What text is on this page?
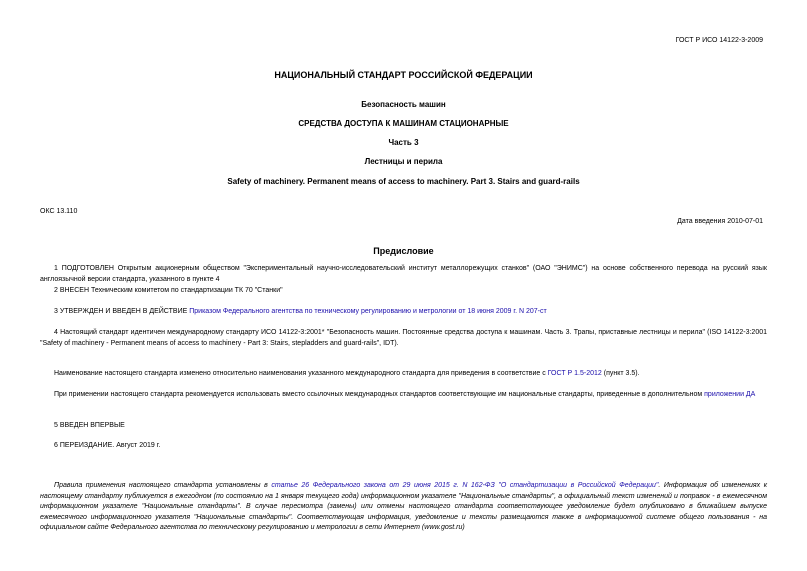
ГОСТ Р ИСО 14122-3-2009
НАЦИОНАЛЬНЫЙ СТАНДАРТ РОССИЙСКОЙ ФЕДЕРАЦИИ
Безопасность машин
СРЕДСТВА ДОСТУПА К МАШИНАМ СТАЦИОНАРНЫЕ
Часть 3
Лестницы и перила
Safety of machinery. Permanent means of access to machinery. Part 3. Stairs and guard-rails
ОКС 13.110
Дата введения 2010-07-01
Предисловие

1 ПОДГОТОВЛЕН Открытым акционерным обществом "Экспериментальный научно-исследовательский институт металлорежущих станков" (ОАО "ЭНИМС") на основе собственного перевода на русский язык англоязычной версии стандарта, указанного в пункте 4

2 ВНЕСЕН Техническим комитетом по стандартизации ТК 70 "Станки"

3 УТВЕРЖДЕН И ВВЕДЕН В ДЕЙСТВИЕ Приказом Федерального агентства по техническому регулированию и метрологии от 18 июня 2009 г. N 207-ст

4 Настоящий стандарт идентичен международному стандарту ИСО 14122-3:2001* "Безопасность машин. Постоянные средства доступа к машинам. Часть 3. Трапы, приставные лестницы и перила" (ISO 14122-3:2001 "Safety of machinery - Permanent means of access to machinery - Part 3: Stairs, stepladders and guard-rails", IDT).

Наименование настоящего стандарта изменено относительно наименования указанного международного стандарта для приведения в соответствие с ГОСТ Р 1.5-2012 (пункт 3.5).

При применении настоящего стандарта рекомендуется использовать вместо ссылочных международных стандартов соответствующие им национальные стандарты, приведенные в дополнительном приложении ДА

5 ВВЕДЕН ВПЕРВЫЕ

6 ПЕРЕИЗДАНИЕ. Август 2019 г.

Правила применения настоящего стандарта установлены в статье 26 Федерального закона от 29 июня 2015 г. N 162-ФЗ "О стандартизации в Российской Федерации". Информация об изменениях к настоящему стандарту публикуется в ежегодном (по состоянию на 1 января текущего года) информационном указателе "Национальные стандарты", а официальный текст изменений и поправок - в ежемесячном информационном указателе "Национальные стандарты". В случае пересмотра (замены) или отмены настоящего стандарта соответствующее уведомление будет опубликовано в ближайшем выпуске ежемесячного информационного указателя "Национальные стандарты". Соответствующая информация, уведомление и тексты размещаются также в информационной системе общего пользования - на официальном сайте Федерального агентства по техническому регулированию и метрологии в сети Интернет (www.gost.ru)
